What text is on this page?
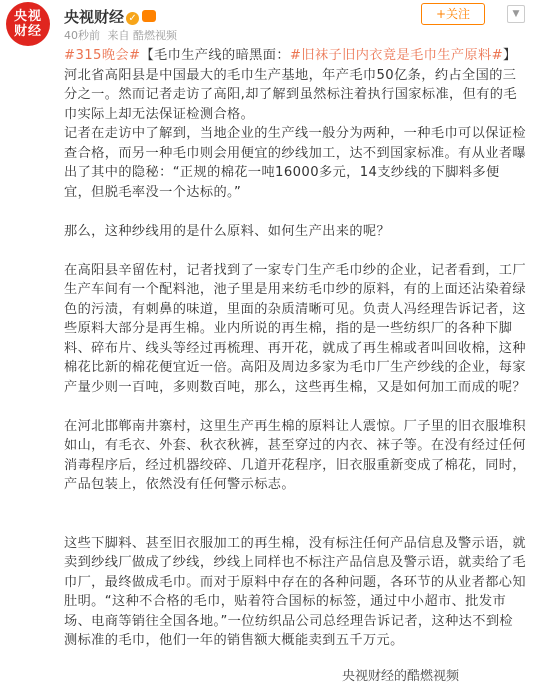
央视
财经
央视财经 ✓
40秒前 来自 酷燃视频
+关注	▼

#315晚会#【毛巾生产线的暗黑面：#旧袜子旧内衣竟是毛巾生产原料#】河北省高阳县是中国最大的毛巾生产基地，年产毛巾50亿条，约占全国的三分之一。然而记者走访了高阳,却了解到虽然标注着执行国家标准，但有的毛巾实际上却无法保证检测合格。

记者在走访中了解到，当地企业的生产线一般分为两种，一种毛巾可以保证检查合格，而另一种毛巾则会用便宜的纱线加工，达不到国家标准。有从业者曝出了其中的隐秘：“正规的棉花一吨16000多元，14支纱线的下脚料多便宜，但脱毛率没一个达标的。”

那么，这种纱线用的是什么原料、如何生产出来的呢？

在高阳县辛留佐村，记者找到了一家专门生产毛巾纱的企业，记者看到，工厂生产车间有一个配料池，池子里是用来纺毛巾纱的原料，有的上面还沾染着绿色的污渍，有刺鼻的味道，里面的杂质清晰可见。负责人冯经理告诉记者，这些原料大部分是再生棉。业内所说的再生棉，指的是一些纺织厂的各种下脚料、碎布片、线头等经过再梳理、再开花，就成了再生棉或者叫回收棉，这种棉花比新的棉花便宜近一倍。高阳及周边多家为毛巾厂生产纱线的企业，每家产量少则一百吨，多则数百吨，那么，这些再生棉，又是如何加工而成的呢？

在河北邯郸南井寨村，这里生产再生棉的原料让人震惊。厂子里的旧衣服堆积如山，有毛衣、外套、秋衣秋裤，甚至穿过的内衣、袜子等。在没有经过任何消毒程序后，经过机器绞碎、几道开花程序，旧衣服重新变成了棉花，同时，产品包装上，依然没有任何警示标志。

这些下脚料、甚至旧衣服加工的再生棉，没有标注任何产品信息及警示语，就卖到纱线厂做成了纱线，纱线上同样也不标注产品信息及警示语，就卖给了毛巾厂，最终做成毛巾。而对于原料中存在的各种问题，各环节的从业者都心知肚明。“这种不合格的毛巾，贴着符合国标的标签，通过中小超市、批发市场、电商等销往全国各地。”一位纺织品公司总经理告诉记者，这种达不到检测标准的毛巾，他们一年的销售额大概能卖到五千万元。

央视财经的酷燃视频
